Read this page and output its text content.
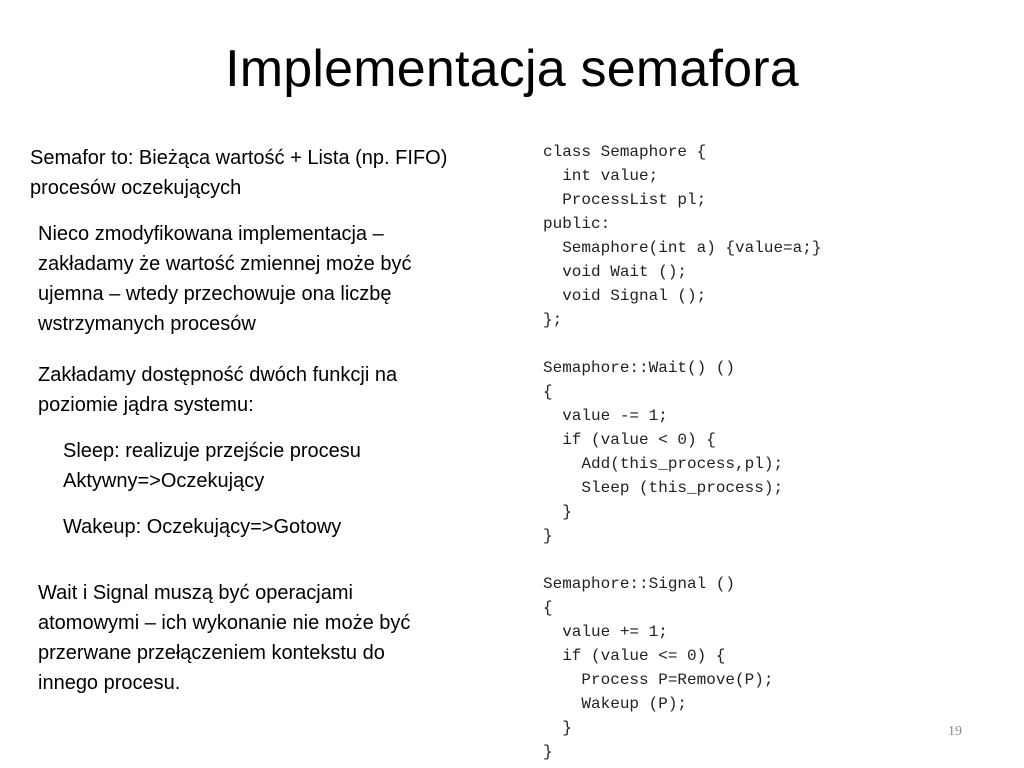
Implementacja semafora

Semafor to: Bieżąca wartość + Lista (np. FIFO)
procesów oczekujących

Nieco zmodyfikowana implementacja –
zakładamy że wartość zmiennej może być
ujemna – wtedy przechowuje ona liczbę
wstrzymanych procesów

Zakładamy dostępność dwóch funkcji na
poziomie jądra systemu:

Sleep: realizuje przejście procesu
Aktywny=>Oczekujący

Wakeup: Oczekujący=>Gotowy

Wait i Signal muszą być operacjami
atomowymi – ich wykonanie nie może być
przerwane przełączeniem kontekstu do
innego procesu.

class Semaphore {
int value;
ProcessList pl;
public:
Semaphore(int a) {value=a;}
void Wait ();
void Signal ();
};
Semaphore::Wait() ()
{
value -= 1;
if (value < 0) {
Add(this_process,pl);
Sleep (this_process);
}
}
Semaphore::Signal ()
{
value += 1;
if (value <= 0) {
Process P=Remove(P);
Wakeup (P);
}
}
19
